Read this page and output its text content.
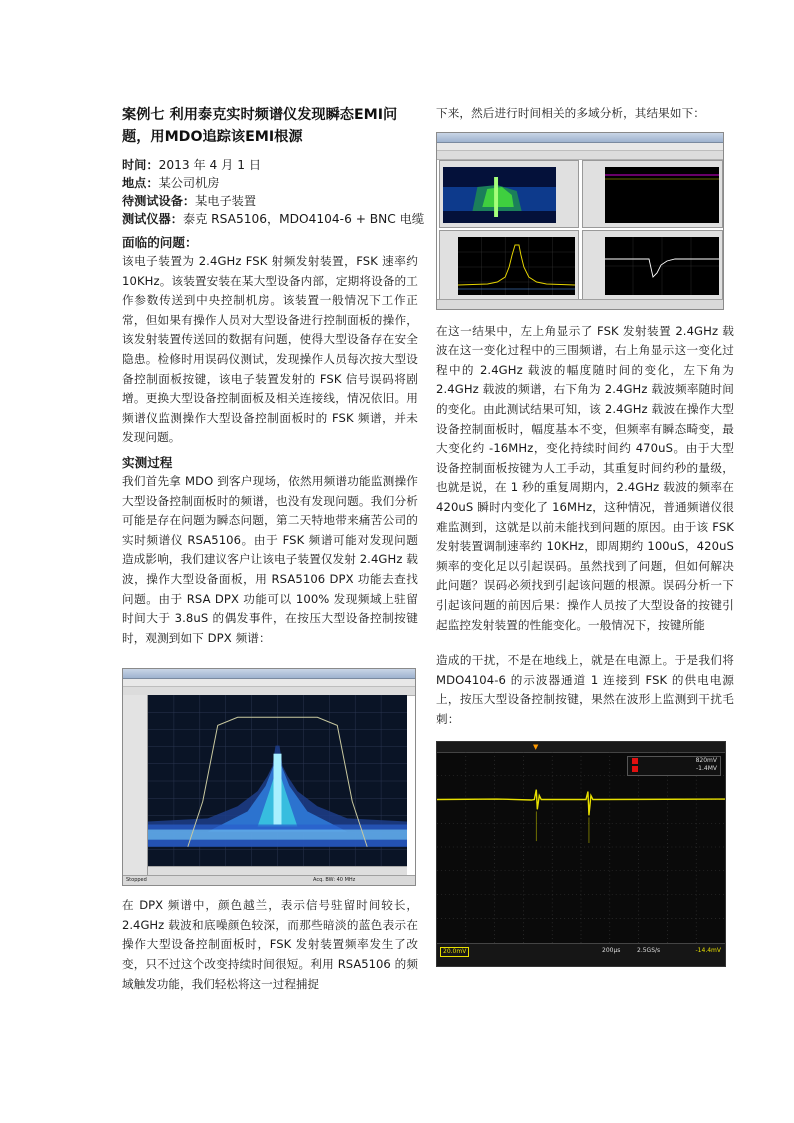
案例七 利用泰克实时频谱仪发现瞬态EMI问题，用MDO追踪该EMI根源
时间：2013 年 4 月 1 日
地点：某公司机房
待测试设备：某电子装置
测试仪器：泰克 RSA5106，MDO4104-6 + BNC 电缆
面临的问题：

该电子装置为 2.4GHz FSK 射频发射装置，FSK 速率约 10KHz。该装置安装在某大型设备内部，定期将设备的工作参数传送到中央控制机房。该装置一般情况下工作正常，但如果有操作人员对大型设备进行控制面板的操作，该发射装置传送回的数据有问题，使得大型设备存在安全隐患。检修时用误码仪测试，发现操作人员每次按大型设备控制面板按键，该电子装置发射的 FSK 信号误码将剧增。更换大型设备控制面板及相关连接线，情况依旧。用频谱仪监测操作大型设备控制面板时的 FSK 频谱，并未发现问题。

实测过程

我们首先拿 MDO 到客户现场，依然用频谱功能监测操作大型设备控制面板时的频谱，也没有发现问题。我们分析可能是存在问题为瞬态问题，第二天特地带来痛苦公司的实时频谱仪 RSA5106。由于 FSK 频谱可能对发现问题造成影响，我们建议客户让该电子装置仅发射 2.4GHz 载波，操作大型设备面板，用 RSA5106 DPX 功能去查找问题。由于 RSA DPX 功能可以 100% 发现频域上驻留时间大于 3.8uS 的偶发事件，在按压大型设备控制按键时，观测到如下 DPX 频谱：

Stopped	Acq. BW: 40 MHz
在 DPX 频谱中，颜色越兰，表示信号驻留时间较长，2.4GHz 载波和底噪颜色较深，而那些暗淡的蓝色表示在操作大型设备控制面板时，FSK 发射装置频率发生了改变，只不过这个改变持续时间很短。利用 RSA5106 的频域触发功能，我们轻松将这一过程捕捉

下来，然后进行时间相关的多域分析，其结果如下：

在这一结果中，左上角显示了 FSK 发射装置 2.4GHz 载波在这一变化过程中的三围频谱，右上角显示这一变化过程中的 2.4GHz 载波的幅度随时间的变化，左下角为 2.4GHz 载波的频谱，右下角为 2.4GHz 载波频率随时间的变化。由此测试结果可知，该 2.4GHz 载波在操作大型设备控制面板时，幅度基本不变，但频率有瞬态畸变，最大变化约 -16MHz，变化持续时间约 470uS。由于大型设备控制面板按键为人工手动，其重复时间约秒的量级，也就是说，在 1 秒的重复周期内，2.4GHz 载波的频率在 420uS 瞬时内变化了 16MHz，这种情况，普通频谱仪很难监测到，这就是以前未能找到问题的原因。由于该 FSK 发射装置调制速率约 10KHz，即周期约 100uS，420uS 频率的变化足以引起误码。虽然找到了问题，但如何解决此问题？误码必须找到引起该问题的根源。误码分析一下引起该问题的前因后果：操作人员按了大型设备的按键引起监控发射装置的性能变化。一般情况下，按键所能

造成的干扰，不是在地线上，就是在电源上。于是我们将 MDO4104-6 的示波器通道 1 连接到 FSK 的供电电源上，按压大型设备控制按键，果然在波形上监测到干扰毛刺：

▼
820mV
-1.4MV
20.0mV	200µs	2.5GS/s	-14.4mV
